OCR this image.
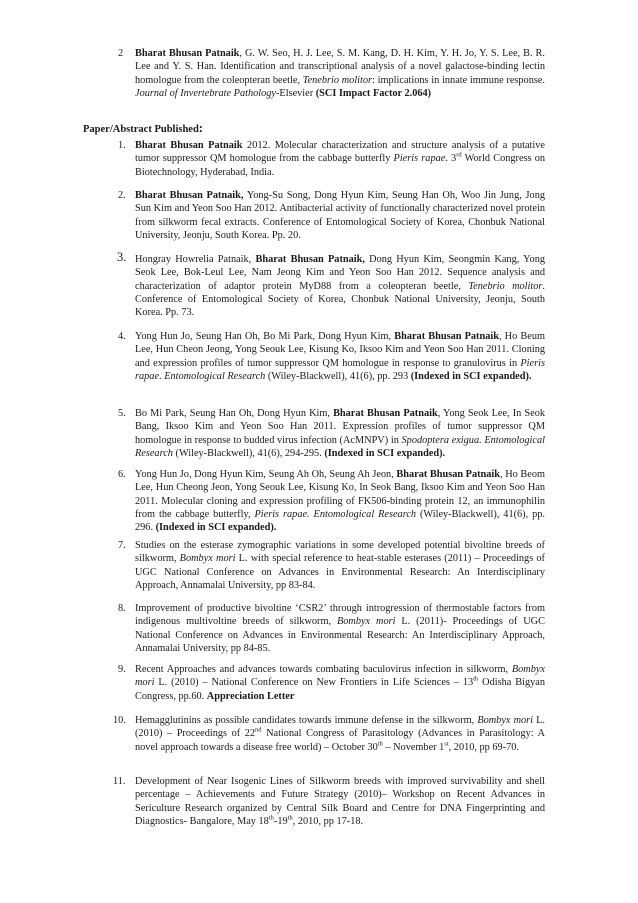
2 Bharat Bhusan Patnaik, G. W. Seo, H. J. Lee, S. M. Kang, D. H. Kim, Y. H. Jo, Y. S. Lee, B. R. Lee and Y. S. Han. Identification and transcriptional analysis of a novel galactose-binding lectin homologue from the coleopteran beetle, Tenebrio molitor: implications in innate immune response. Journal of Invertebrate Pathology-Elsevier (SCI Impact Factor 2.064)
Paper/Abstract Published:
1. Bharat Bhusan Patnaik 2012. Molecular characterization and structure analysis of a putative tumor suppressor QM homologue from the cabbage butterfly Pieris rapae. 3rd World Congress on Biotechnology, Hyderabad, India.
2. Bharat Bhusan Patnaik, Yong-Su Song, Dong Hyun Kim, Seung Han Oh, Woo Jin Jung, Jong Sun Kim and Yeon Soo Han 2012. Antibacterial activity of functionally characterized novel protein from silkworm fecal extracts. Conference of Entomological Society of Korea, Chonbuk National University, Jeonju, South Korea. Pp. 20.
3. Hongray Howrelia Patnaik, Bharat Bhusan Patnaik, Dong Hyun Kim, Seongmin Kang, Yong Seok Lee, Bok-Leul Lee, Nam Jeong Kim and Yeon Soo Han 2012. Sequence analysis and characterization of adaptor protein MyD88 from a coleopteran beetle, Tenebrio molitor. Conference of Entomological Society of Korea, Chonbuk National University, Jeonju, South Korea. Pp. 73.
4. Yong Hun Jo, Seung Han Oh, Bo Mi Park, Dong Hyun Kim, Bharat Bhusan Patnaik, Ho Beum Lee, Hun Cheon Jeong, Yong Seouk Lee, Kisung Ko, Iksoo Kim and Yeon Soo Han 2011. Cloning and expression profiles of tumor suppressor QM homologue in response to granulovirus in Pieris rapae. Entomological Research (Wiley-Blackwell), 41(6), pp. 293 (Indexed in SCI expanded).
5. Bo Mi Park, Seung Han Oh, Dong Hyun Kim, Bharat Bhusan Patnaik, Yong Seok Lee, In Seok Bang, Iksoo Kim and Yeon Soo Han 2011. Expression profiles of tumor suppressor QM homologue in response to budded virus infection (AcMNPV) in Spodoptera exigua. Entomological Research (Wiley-Blackwell), 41(6), 294-295. (Indexed in SCI expanded).
6. Yong Hun Jo, Dong Hyun Kim, Seung Ah Oh, Seung Ah Jeon, Bharat Bhusan Patnaik, Ho Beom Lee, Hun Cheong Jeon, Yong Seouk Lee, Kisung Ko, In Seok Bang, Iksoo Kim and Yeon Soo Han 2011. Molecular cloning and expression profiling of FK506-binding protein 12, an immunophilin from the cabbage butterfly, Pieris rapae. Entomological Research (Wiley-Blackwell), 41(6), pp. 296. (Indexed in SCI expanded).
7. Studies on the esterase zymographic variations in some developed potential bivoltine breeds of silkworm, Bombyx mori L. with special reference to heat-stable esterases (2011) – Proceedings of UGC National Conference on Advances in Environmental Research: An Interdisciplinary Approach, Annamalai University, pp 83-84.
8. Improvement of productive bivoltine ‘CSR2’ through introgression of thermostable factors from indigenous multivoltine breeds of silkworm, Bombyx mori L. (2011)- Proceedings of UGC National Conference on Advances in Environmental Research: An Interdisciplinary Approach, Annamalai University, pp 84-85.
9. Recent Approaches and advances towards combating baculovirus infection in silkworm, Bombyx mori L. (2010) – National Conference on New Frontiers in Life Sciences – 13th Odisha Bigyan Congress, pp.60. Appreciation Letter
10. Hemagglutinins as possible candidates towards immune defense in the silkworm, Bombyx mori L.(2010) – Proceedings of 22nd National Congress of Parasitology (Advances in Parasitology: A novel approach towards a disease free world) – October 30th – November 1st, 2010, pp 69-70.
11. Development of Near Isogenic Lines of Silkworm breeds with improved survivability and shell percentage – Achievements and Future Strategy (2010)– Workshop on Recent Advances in Sericulture Research organized by Central Silk Board and Centre for DNA Fingerprinting and Diagnostics- Bangalore, May 18th-19th, 2010, pp 17-18.
